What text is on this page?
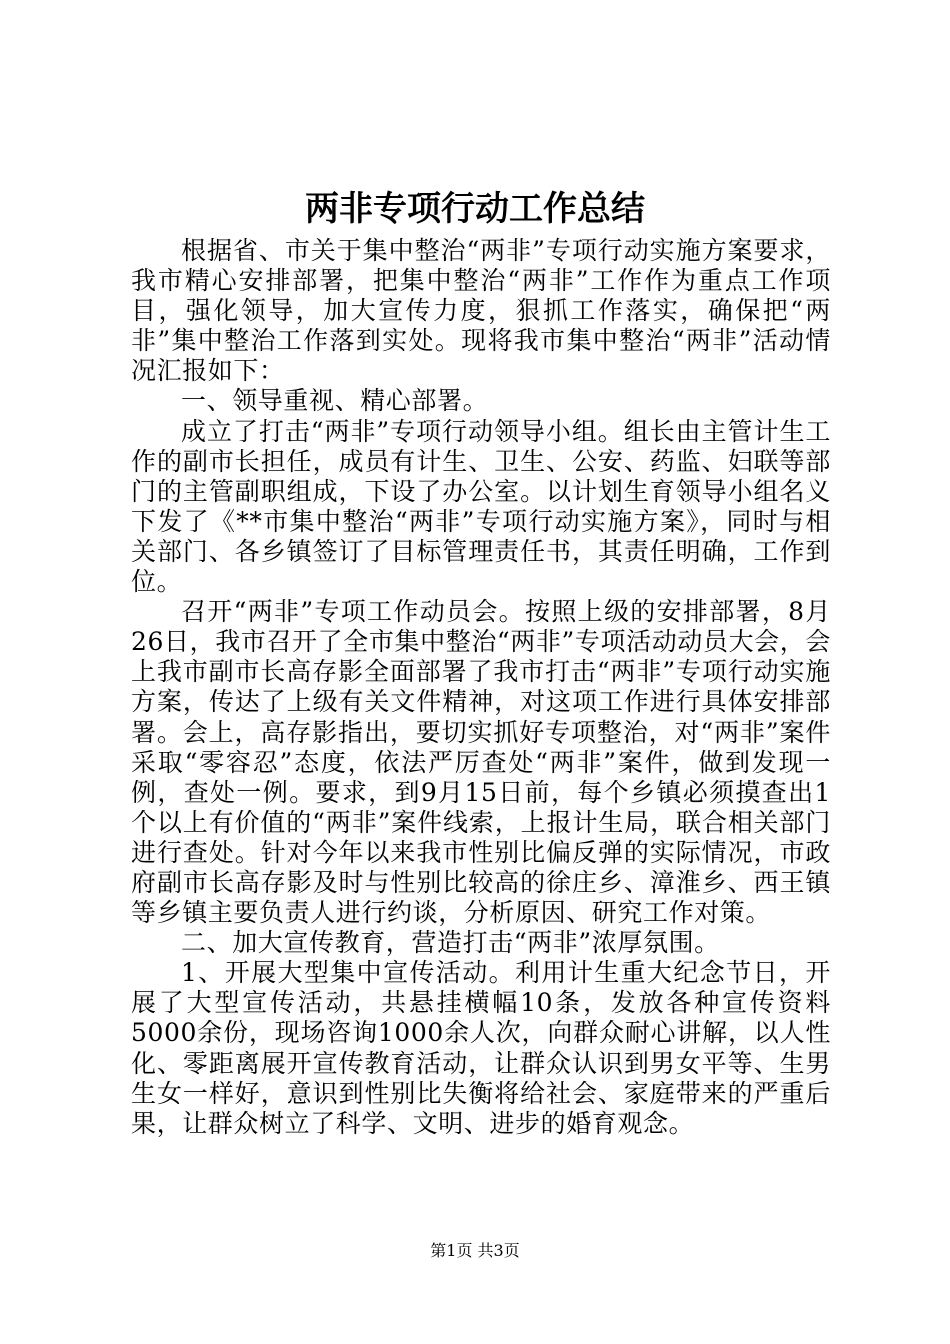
两非专项行动工作总结

根据省、市关于集中整治“两非”专项行动实施方案要求，我市精心安排部署，把集中整治“两非”工作作为重点工作项目，强化领导，加大宣传力度，狠抓工作落实，确保把“两非”集中整治工作落到实处。现将我市集中整治“两非”活动情况汇报如下：

一、领导重视、精心部署。

成立了打击“两非”专项行动领导小组。组长由主管计生工作的副市长担任，成员有计生、卫生、公安、药监、妇联等部门的主管副职组成，下设了办公室。以计划生育领导小组名义下发了《**市集中整治“两非”专项行动实施方案》，同时与相关部门、各乡镇签订了目标管理责任书，其责任明确，工作到位。

召开“两非”专项工作动员会。按照上级的安排部署，8月26日，我市召开了全市集中整治“两非”专项活动动员大会，会上我市副市长高存影全面部署了我市打击“两非”专项行动实施方案，传达了上级有关文件精神，对这项工作进行具体安排部署。会上，高存影指出，要切实抓好专项整治，对“两非”案件采取“零容忍”态度，依法严厉查处“两非”案件，做到发现一例，查处一例。要求，到9月15日前，每个乡镇必须摸查出1个以上有价值的“两非”案件线索，上报计生局，联合相关部门进行查处。针对今年以来我市性别比偏反弹的实际情况，市政府副市长高存影及时与性别比较高的徐庄乡、漳淮乡、西王镇等乡镇主要负责人进行约谈，分析原因、研究工作对策。

二、加大宣传教育，营造打击“两非”浓厚氛围。

1、开展大型集中宣传活动。利用计生重大纪念节日，开展了大型宣传活动，共悬挂横幅10条，发放各种宣传资料5000余份，现场咨询1000余人次，向群众耐心讲解，以人性化、零距离展开宣传教育活动，让群众认识到男女平等、生男生女一样好，意识到性别比失衡将给社会、家庭带来的严重后果，让群众树立了科学、文明、进步的婚育观念。

第1页 共3页
